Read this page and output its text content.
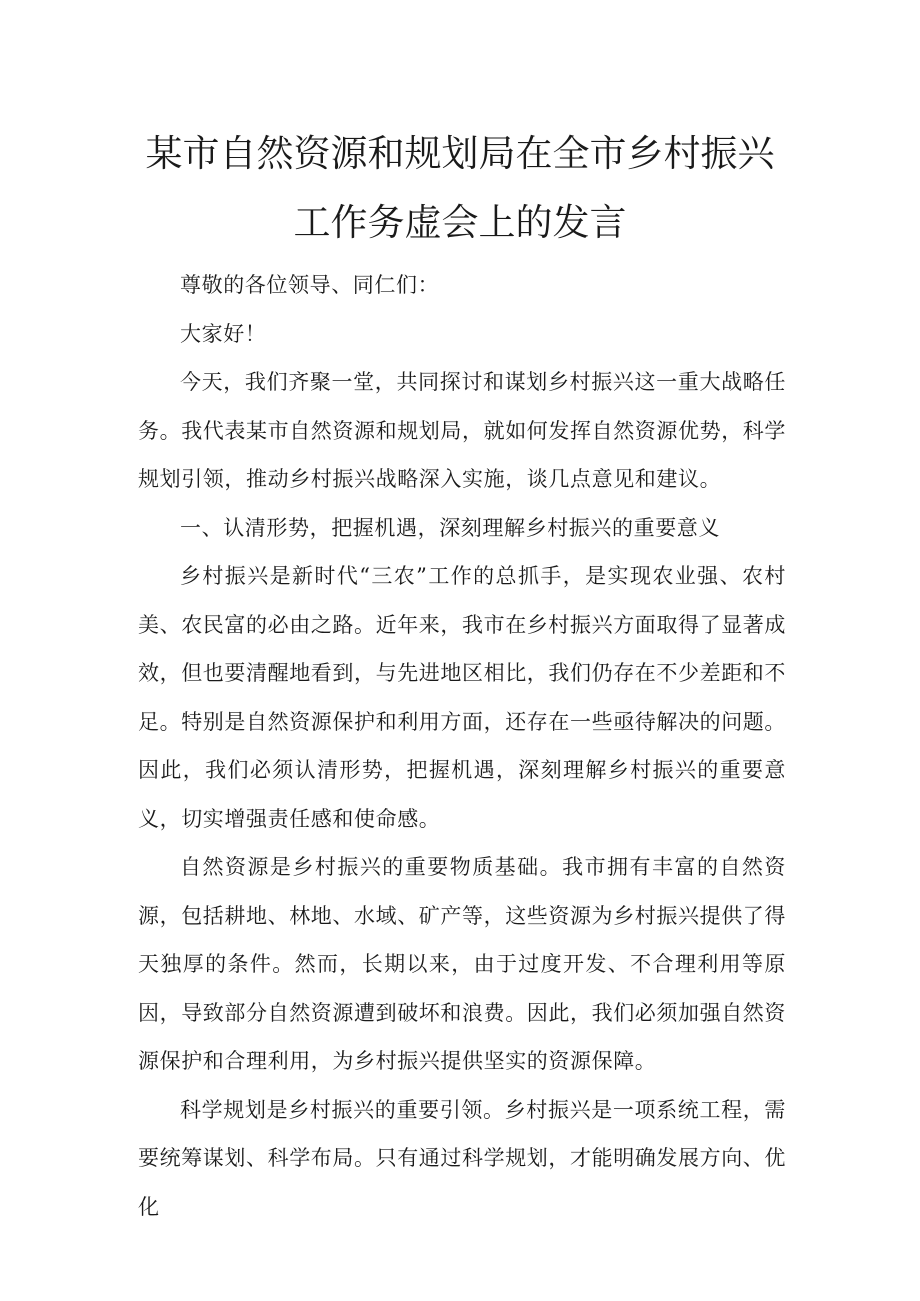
某市自然资源和规划局在全市乡村振兴
工作务虚会上的发言

尊敬的各位领导、同仁们：

大家好！

今天，我们齐聚一堂，共同探讨和谋划乡村振兴这一重大战略任务。我代表某市自然资源和规划局，就如何发挥自然资源优势，科学规划引领，推动乡村振兴战略深入实施，谈几点意见和建议。

一、认清形势，把握机遇，深刻理解乡村振兴的重要意义

乡村振兴是新时代“三农”工作的总抓手，是实现农业强、农村美、农民富的必由之路。近年来，我市在乡村振兴方面取得了显著成效，但也要清醒地看到，与先进地区相比，我们仍存在不少差距和不足。特别是自然资源保护和利用方面，还存在一些亟待解决的问题。因此，我们必须认清形势，把握机遇，深刻理解乡村振兴的重要意义，切实增强责任感和使命感。

自然资源是乡村振兴的重要物质基础。我市拥有丰富的自然资源，包括耕地、林地、水域、矿产等，这些资源为乡村振兴提供了得天独厚的条件。然而，长期以来，由于过度开发、不合理利用等原因，导致部分自然资源遭到破坏和浪费。因此，我们必须加强自然资源保护和合理利用，为乡村振兴提供坚实的资源保障。

科学规划是乡村振兴的重要引领。乡村振兴是一项系统工程，需要统筹谋划、科学布局。只有通过科学规划，才能明确发展方向、优化
